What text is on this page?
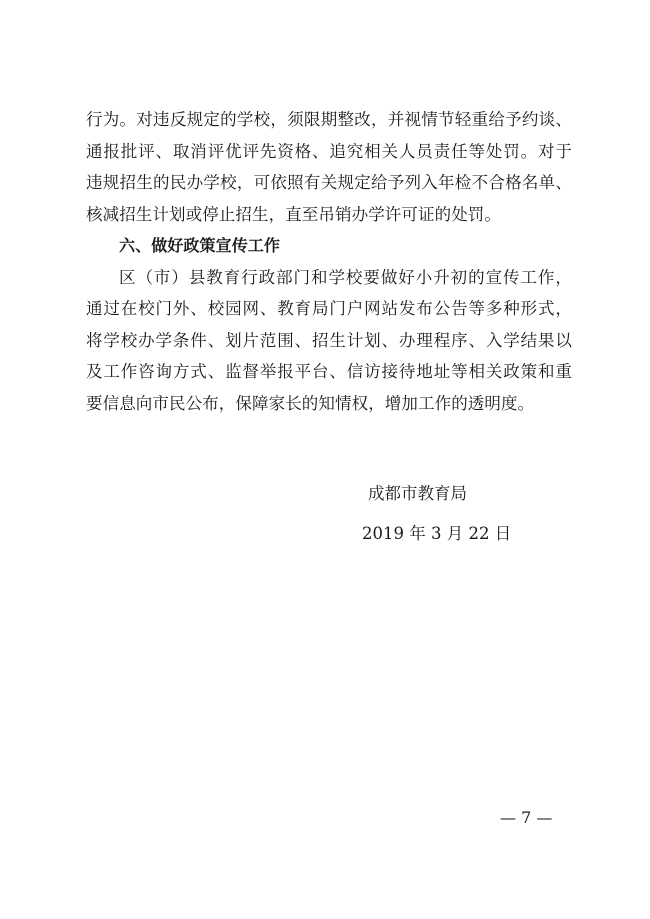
行为。对违反规定的学校，须限期整改，并视情节轻重给予约谈、
通报批评、取消评优评先资格、追究相关人员责任等处罚。对于
违规招生的民办学校，可依照有关规定给予列入年检不合格名单、
核减招生计划或停止招生，直至吊销办学许可证的处罚。
六、做好政策宣传工作
区（市）县教育行政部门和学校要做好小升初的宣传工作，
通过在校门外、校园网、教育局门户网站发布公告等多种形式，
将学校办学条件、划片范围、招生计划、办理程序、入学结果以
及工作咨询方式、监督举报平台、信访接待地址等相关政策和重
要信息向市民公布，保障家长的知情权，增加工作的透明度。
成都市教育局
2019 年 3 月 22 日
— 7 —
